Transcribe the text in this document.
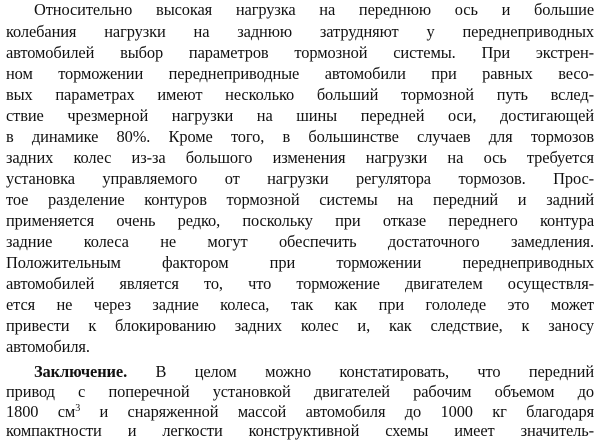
Относительно высокая нагрузка на переднюю ось и большие
колебания нагрузки на заднюю затрудняют у переднеприводных
автомобилей выбор параметров тормозной системы. При экстрен-
ном торможении переднеприводные автомобили при равных весо-
вых параметрах имеют несколько больший тормозной путь вслед-
ствие чрезмерной нагрузки на шины передней оси, достигающей
в динамике 80%. Кроме того, в большинстве случаев для тормозов
задних колес из-за большого изменения нагрузки на ось требуется
установка управляемого от нагрузки регулятора тормозов. Прос-
тое разделение контуров тормозной системы на передний и задний
применяется очень редко, поскольку при отказе переднего контура
задние колеса не могут обеспечить достаточного замедления.
Положительным фактором при торможении переднеприводных
автомобилей является то, что торможение двигателем осуществля-
ется не через задние колеса, так как при гололеде это может
привести к блокированию задних колес и, как следствие, к заносу
автомобиля.
Заключение. В целом можно констатировать, что передний
привод с поперечной установкой двигателей рабочим объемом до
1800 $см^3$ и снаряженной массой автомобиля до 1000 кг благодаря
компактности и легкости конструктивной схемы имеет значитель-
